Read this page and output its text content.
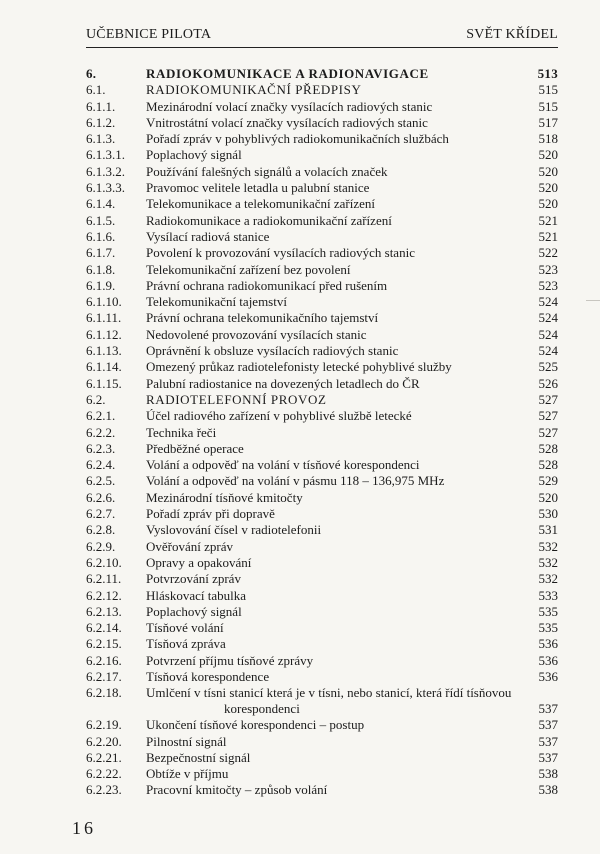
UČEBNICE PILOTA	SVĚT KŘÍDEL
6.	RADIOKOMUNIKACE A RADIONAVIGACE	513
6.1.	RADIOKOMUNIKAČNÍ PŘEDPISY	515
6.1.1. Mezinárodní volací značky vysílacích radiových stanic	515
6.1.2. Vnitrostátní volací značky vysílacích radiových stanic	517
6.1.3. Pořadí zpráv v pohyblivých radiokomunikačních službách	518
6.1.3.1. Poplachový signál	520
6.1.3.2. Používání falešných signálů a volacích značek	520
6.1.3.3. Pravomoc velitele letadla u palubní stanice	520
6.1.4. Telekomunikace a telekomunikační zařízení	520
6.1.5. Radiokomunikace a radiokomunikační zařízení	521
6.1.6. Vysílací radiová stanice	521
6.1.7. Povolení k provozování vysílacích radiových stanic	522
6.1.8. Telekomunikační zařízení bez povolení	523
6.1.9. Právní ochrana radiokomunikací před rušením	523
6.1.10. Telekomunikační tajemství	524
6.1.11. Právní ochrana telekomunikačního tajemství	524
6.1.12. Nedovolené provozování vysílacích stanic	524
6.1.13. Oprávnění k obsluze vysílacích radiových stanic	524
6.1.14. Omezený průkaz radiotelefonisty letecké pohyblivé služby	525
6.1.15. Palubní radiostanice na dovezených letadlech do ČR	526
6.2.	RADIOTELEFONNÍ PROVOZ	527
6.2.1. Účel radiového zařízení v pohyblivé službě letecké	527
6.2.2. Technika řeči	527
6.2.3. Předběžné operace	528
6.2.4. Volání a odpověď na volání v tísňové korespondenci	528
6.2.5. Volání a odpověď na volání v pásmu 118 – 136,975 MHz	529
6.2.6. Mezinárodní tísňové kmitočty	520
6.2.7. Pořadí zpráv při dopravě	530
6.2.8. Vyslovování čísel v radiotelefonii	531
6.2.9. Ověřování zpráv	532
6.2.10. Opravy a opakování	532
6.2.11. Potvrzování zpráv	532
6.2.12. Hláskovací tabulka	533
6.2.13. Poplachový signál	535
6.2.14. Tísňové volání	535
6.2.15. Tísňová zpráva	536
6.2.16. Potvrzení příjmu tísňové zprávy	536
6.2.17. Tísňová korespondence	536
6.2.18. Umlčení v tísni stanicí která je v tísni, nebo stanicí, která řídí tísňovou
korespondenci	537
6.2.19. Ukončení tísňové korespondenci – postup	537
6.2.20. Pilnostní signál	537
6.2.21. Bezpečnostní signál	537
6.2.22. Obtíže v příjmu	538
6.2.23. Pracovní kmitočty – způsob volání	538
16
